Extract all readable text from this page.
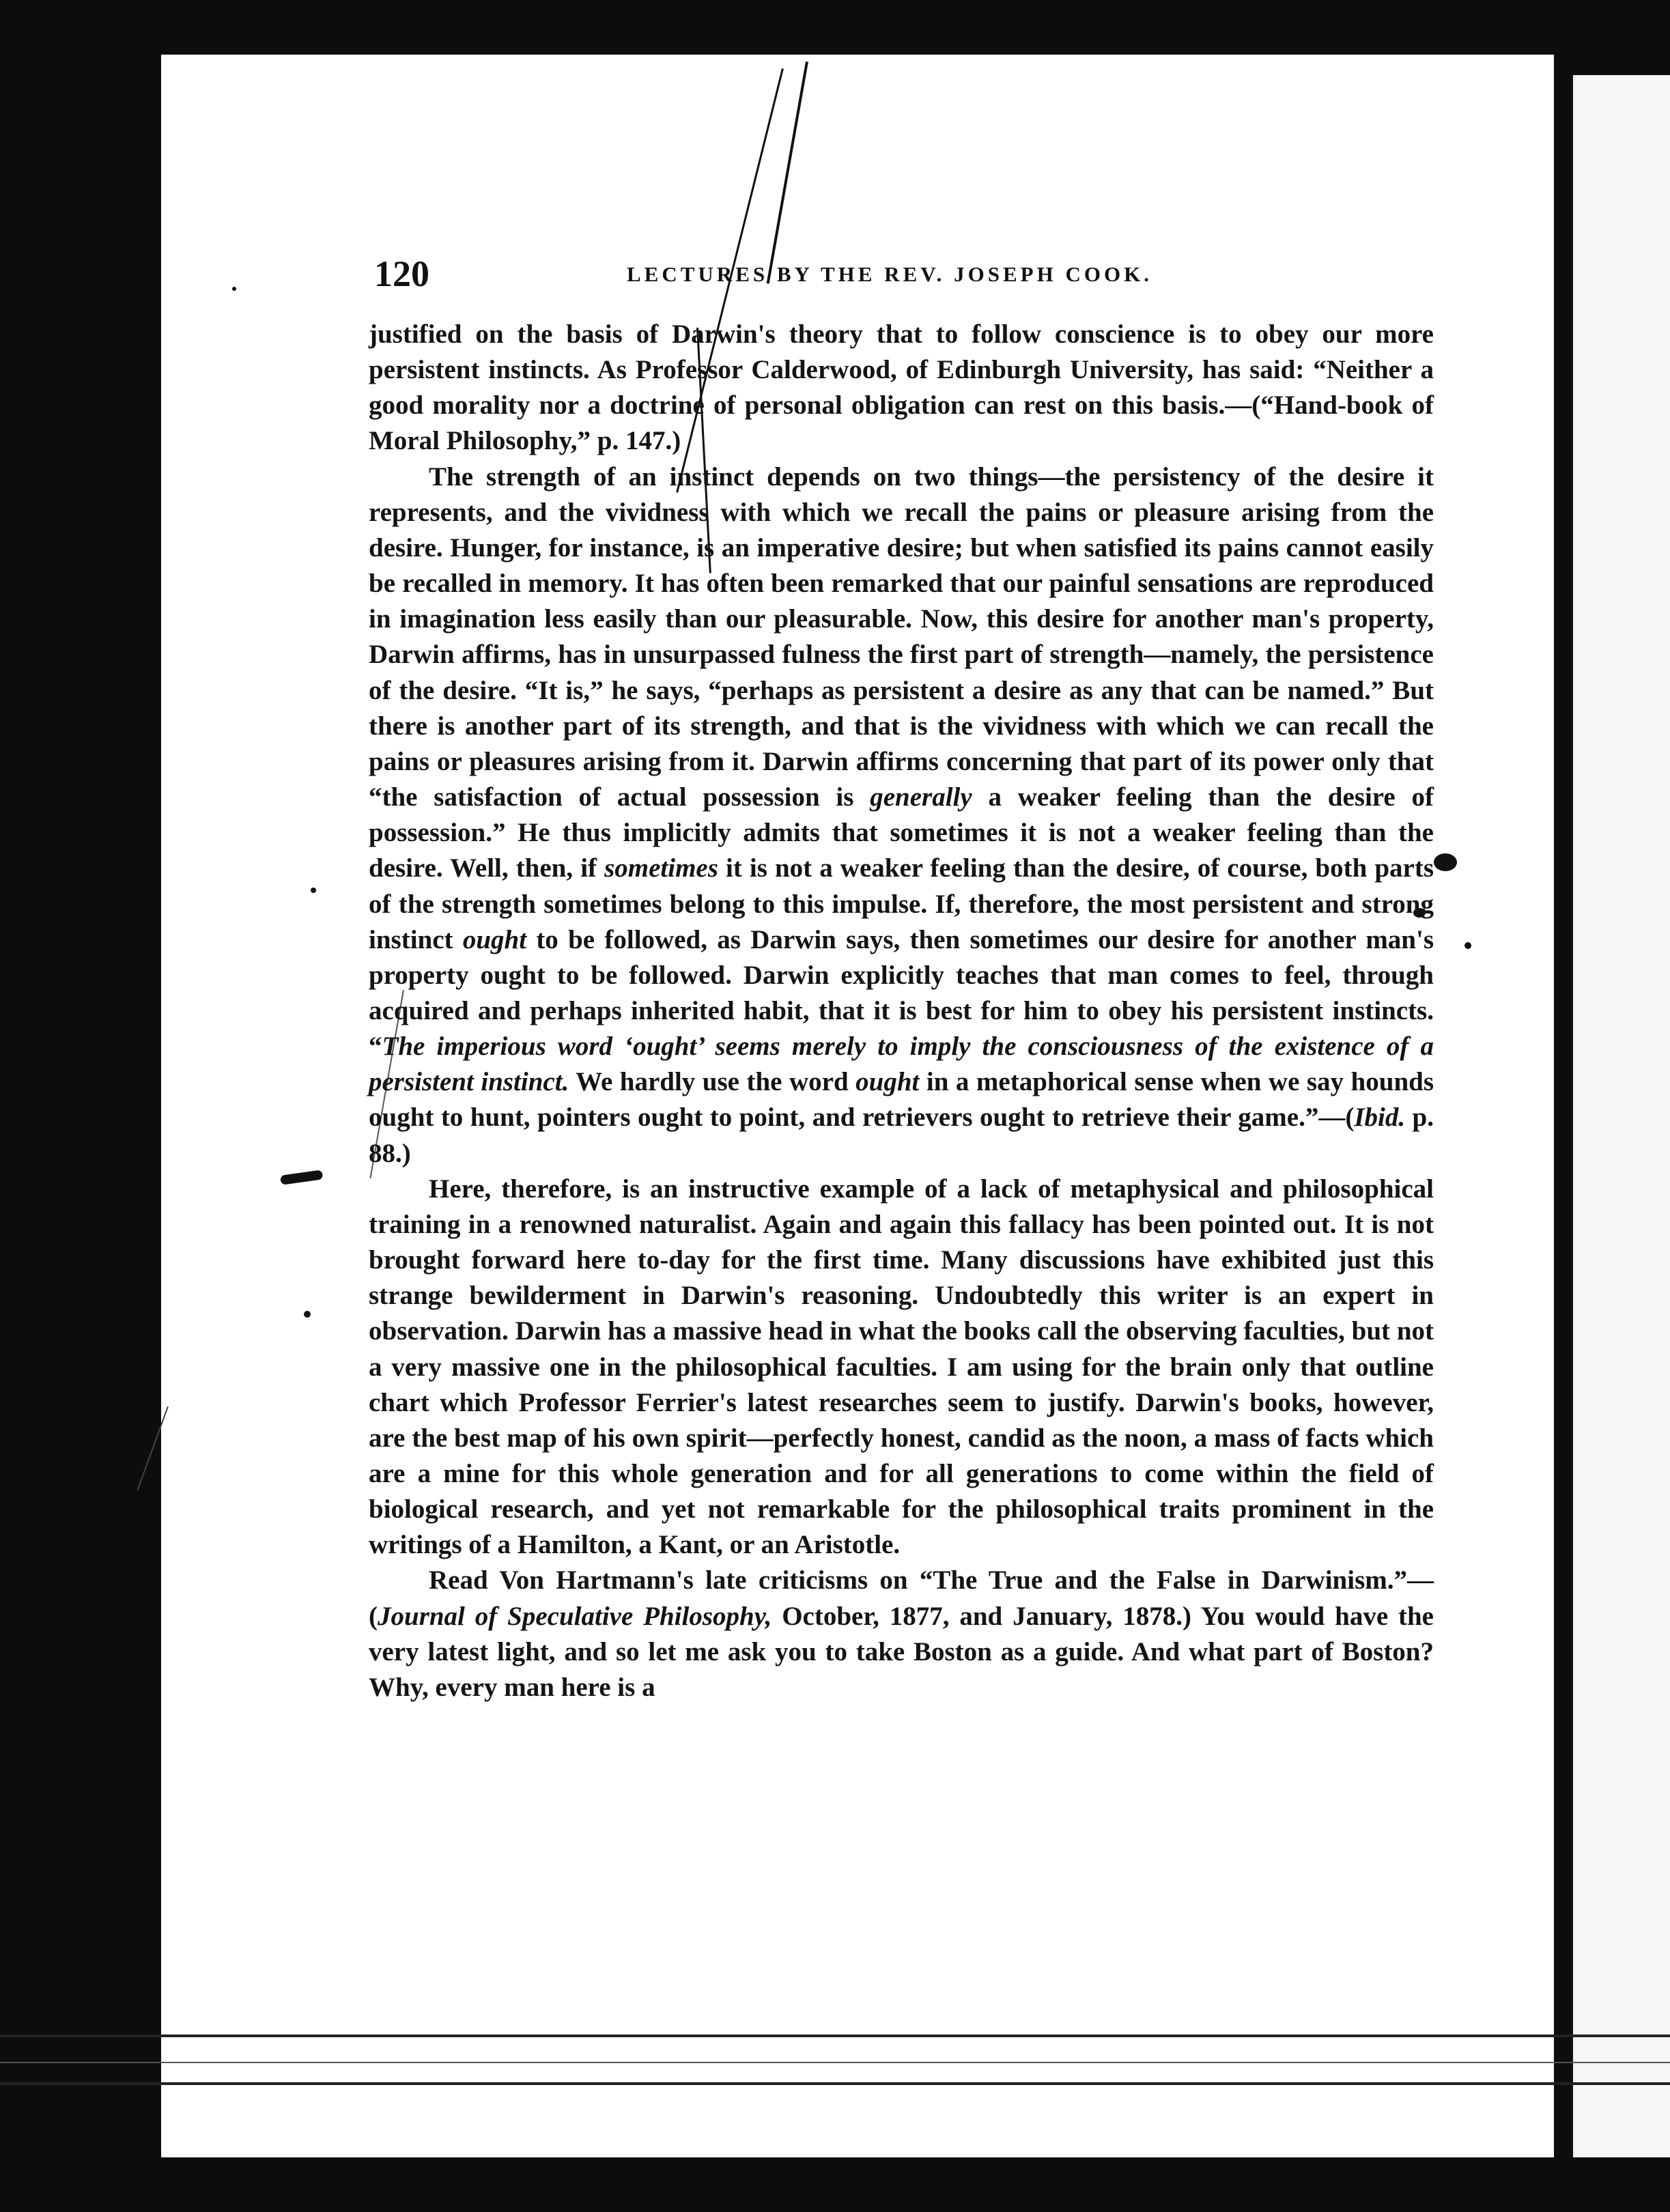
120	LECTURES BY THE REV. JOSEPH COOK.

justified on the basis of Darwin's theory that to follow conscience is to obey our more persistent instincts. As Professor Calderwood, of Edinburgh University, has said: “Neither a good morality nor a doctrine of personal obligation can rest on this basis.—(“Hand-book of Moral Philosophy,” p. 147.)

The strength of an instinct depends on two things—the persistency of the desire it represents, and the vividness with which we recall the pains or pleasure arising from the desire. Hunger, for instance, is an imperative desire; but when satisfied its pains cannot easily be recalled in memory. It has often been remarked that our painful sensations are reproduced in imagination less easily than our pleasurable. Now, this desire for another man's property, Darwin affirms, has in unsurpassed fulness the first part of strength—namely, the persistence of the desire. “It is,” he says, “perhaps as persistent a desire as any that can be named.” But there is another part of its strength, and that is the vividness with which we can recall the pains or pleasures arising from it. Darwin affirms concerning that part of its power only that “the satisfaction of actual possession is generally a weaker feeling than the desire of possession.” He thus implicitly admits that sometimes it is not a weaker feeling than the desire. Well, then, if sometimes it is not a weaker feeling than the desire, of course, both parts of the strength sometimes belong to this impulse. If, therefore, the most persistent and strong instinct ought to be followed, as Darwin says, then sometimes our desire for another man's property ought to be followed. Darwin explicitly teaches that man comes to feel, through acquired and perhaps inherited habit, that it is best for him to obey his persistent instincts. “The imperious word ‘ought’ seems merely to imply the consciousness of the existence of a persistent instinct. We hardly use the word ought in a metaphorical sense when we say hounds ought to hunt, pointers ought to point, and retrievers ought to retrieve their game.”—(Ibid. p. 88.)

Here, therefore, is an instructive example of a lack of metaphysical and philosophical training in a renowned naturalist. Again and again this fallacy has been pointed out. It is not brought forward here to-day for the first time. Many discussions have exhibited just this strange bewilderment in Darwin's reasoning. Undoubtedly this writer is an expert in observation. Darwin has a massive head in what the books call the observing faculties, but not a very massive one in the philosophical faculties. I am using for the brain only that outline chart which Professor Ferrier's latest researches seem to justify. Darwin's books, however, are the best map of his own spirit—perfectly honest, candid as the noon, a mass of facts which are a mine for this whole generation and for all generations to come within the field of biological research, and yet not remarkable for the philosophical traits prominent in the writings of a Hamilton, a Kant, or an Aristotle.

Read Von Hartmann's late criticisms on “The True and the False in Darwinism.”—(Journal of Speculative Philosophy, October, 1877, and January, 1878.) You would have the very latest light, and so let me ask you to take Boston as a guide. And what part of Boston? Why, every man here is a
